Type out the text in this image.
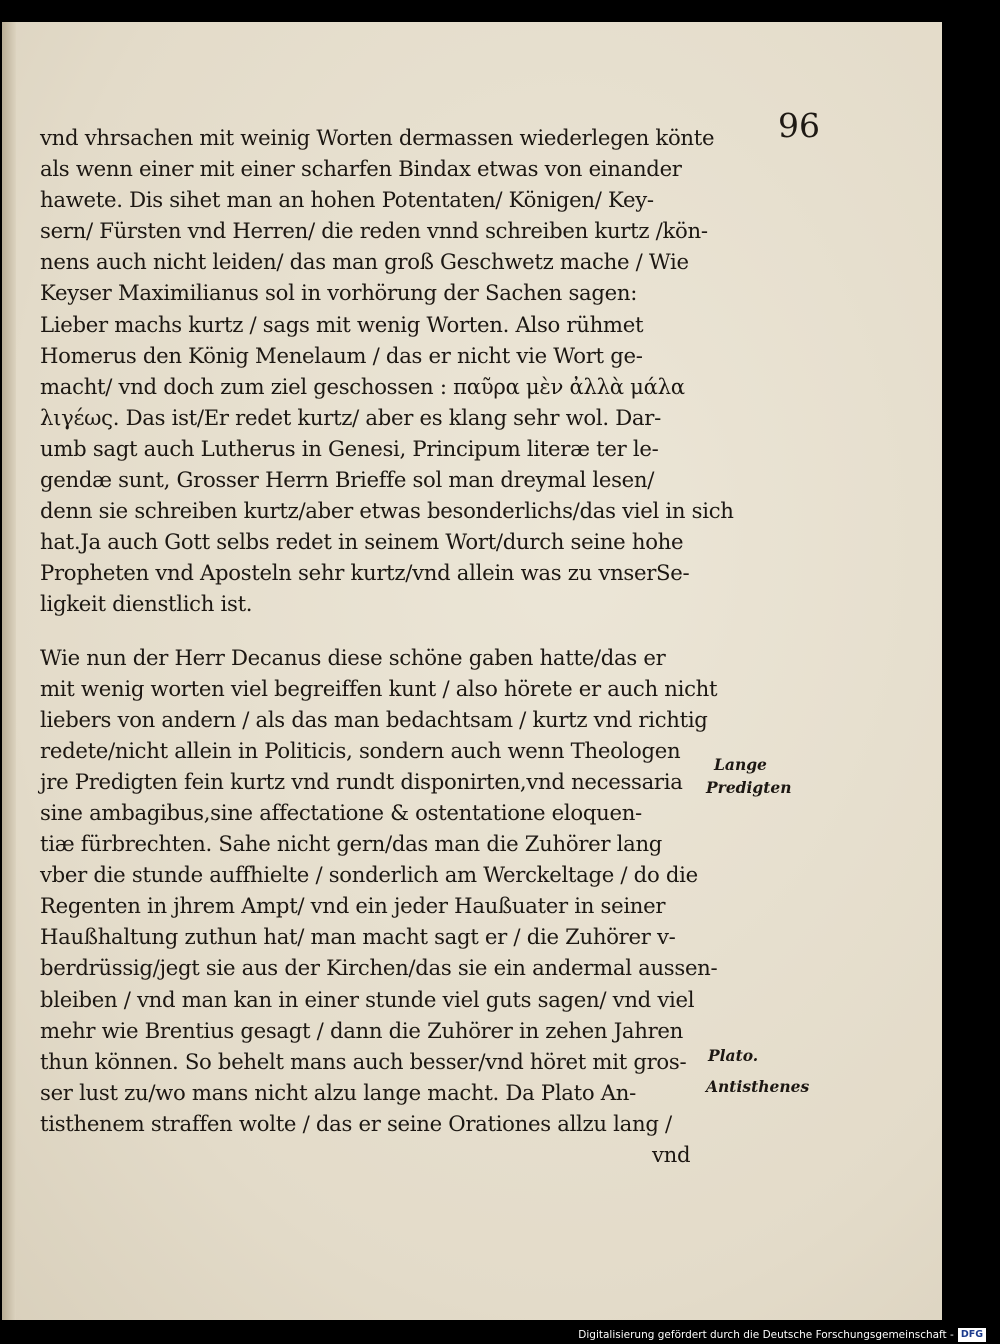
96
vnd vhrsachen mit weinig Worten dermassen wiederlegen könte
als wenn einer mit einer scharfen Bindax etwas von einander
hawete. Dis sihet man an hohen Potentaten/ Königen/ Key-
sern/ Fürsten vnd Herren/ die reden vnnd schreiben kurtz /kön-
nens auch nicht leiden/ das man groß Geschwetz mache / Wie
Keyser Maximilianus sol in vorhörung der Sachen sagen:
Lieber machs kurtz / sags mit wenig Worten. Also rühmet
Homerus den König Menelaum / das er nicht vie Wort ge-
macht/ vnd doch zum ziel geschossen : παῦρα μὲν ἀλλὰ μάλα
λιγέως. Das ist/Er redet kurtz/ aber es klang sehr wol. Dar-
umb sagt auch Lutherus in Genesi, Principum literæ ter le-
gendæ sunt, Grosser Herrn Brieffe sol man dreymal lesen/
denn sie schreiben kurtz/aber etwas besonderlichs/das viel in sich
hat.Ja auch Gott selbs redet in seinem Wort/durch seine hohe
Propheten vnd Aposteln sehr kurtz/vnd allein was zu vnserSe-
ligkeit dienstlich ist.
Wie nun der Herr Decanus diese schöne gaben hatte/das er
mit wenig worten viel begreiffen kunt / also hörete er auch nicht
liebers von andern / als das man bedachtsam / kurtz vnd richtig
redete/nicht allein in Politicis, sondern auch wenn Theologen
jre Predigten fein kurtz vnd rundt disponirten,vnd necessaria
sine ambagibus,sine affectatione & ostentatione eloquen-
tiæ fürbrechten. Sahe nicht gern/das man die Zuhörer lang
vber die stunde auffhielte / sonderlich am Werckeltage / do die
Regenten in jhrem Ampt/ vnd ein jeder Haußuater in seiner
Haußhaltung zuthun hat/ man macht sagt er / die Zuhörer v-
berdrüssig/jegt sie aus der Kirchen/das sie ein andermal aussen-
bleiben / vnd man kan in einer stunde viel guts sagen/ vnd viel
mehr wie Brentius gesagt / dann die Zuhörer in zehen Jahren
thun können. So behelt mans auch besser/vnd höret mit gros-
ser lust zu/wo mans nicht alzu lange macht. Da Plato An-
tisthenem straffen wolte / das er seine Orationes allzu lang /
vnd
Lange
Predigten
Plato.
Antisthenes
Digitalisierung gefördert durch die Deutsche Forschungsgemeinschaft - DFG
